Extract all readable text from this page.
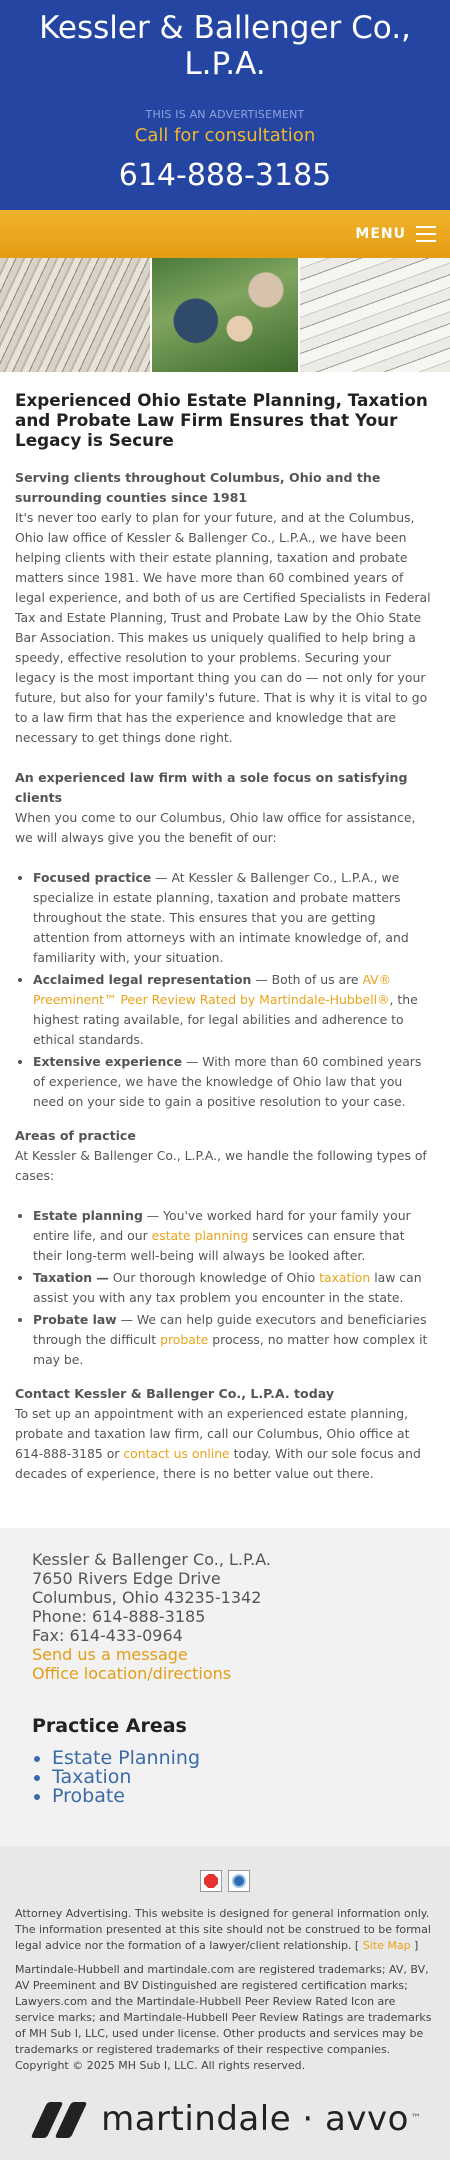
Kessler & Ballenger Co., L.P.A.
THIS IS AN ADVERTISEMENT
Call for consultation
614-888-3185
MENU
Experienced Ohio Estate Planning, Taxation and Probate Law Firm Ensures that Your Legacy is Secure
Serving clients throughout Columbus, Ohio and the surrounding counties since 1981

It's never too early to plan for your future, and at the Columbus, Ohio law office of Kessler & Ballenger Co., L.P.A., we have been helping clients with their estate planning, taxation and probate matters since 1981. We have more than 60 combined years of legal experience, and both of us are Certified Specialists in Federal Tax and Estate Planning, Trust and Probate Law by the Ohio State Bar Association. This makes us uniquely qualified to help bring a speedy, effective resolution to your problems. Securing your legacy is the most important thing you can do — not only for your future, but also for your family's future. That is why it is vital to go to a law firm that has the experience and knowledge that are necessary to get things done right.

An experienced law firm with a sole focus on satisfying clients

When you come to our Columbus, Ohio law office for assistance, we will always give you the benefit of our:

• Focused practice — At Kessler & Ballenger Co., L.P.A., we specialize in estate planning, taxation and probate matters throughout the state. This ensures that you are getting attention from attorneys with an intimate knowledge of, and familiarity with, your situation.
• Acclaimed legal representation — Both of us are AV® Preeminent™ Peer Review Rated by Martindale-Hubbell®, the highest rating available, for legal abilities and adherence to ethical standards.
• Extensive experience — With more than 60 combined years of experience, we have the knowledge of Ohio law that you need on your side to gain a positive resolution to your case.
Areas of practice

At Kessler & Ballenger Co., L.P.A., we handle the following types of cases:

• Estate planning — You've worked hard for your family your entire life, and our estate planning services can ensure that their long-term well-being will always be looked after.
• Taxation — Our thorough knowledge of Ohio taxation law can assist you with any tax problem you encounter in the state.
• Probate law — We can help guide executors and beneficiaries through the difficult probate process, no matter how complex it may be.
Contact Kessler & Ballenger Co., L.P.A. today

To set up an appointment with an experienced estate planning, probate and taxation law firm, call our Columbus, Ohio office at 614-888-3185 or contact us online today. With our sole focus and decades of experience, there is no better value out there.

Kessler & Ballenger Co., L.P.A.
7650 Rivers Edge Drive
Columbus, Ohio 43235-1342
Phone: 614-888-3185
Fax: 614-433-0964
Send us a message
Office location/directions
Practice Areas
• Estate Planning
• Taxation
• Probate

Attorney Advertising. This website is designed for general information only. The information presented at this site should not be construed to be formal legal advice nor the formation of a lawyer/client relationship. [ Site Map ]

Martindale-Hubbell and martindale.com are registered trademarks; AV, BV, AV Preeminent and BV Distinguished are registered certification marks; Lawyers.com and the Martindale-Hubbell Peer Review Rated Icon are service marks; and Martindale-Hubbell Peer Review Ratings are trademarks of MH Sub I, LLC, used under license. Other products and services may be trademarks or registered trademarks of their respective companies. Copyright © 2025 MH Sub I, LLC. All rights reserved.

martindale · avvo ™
